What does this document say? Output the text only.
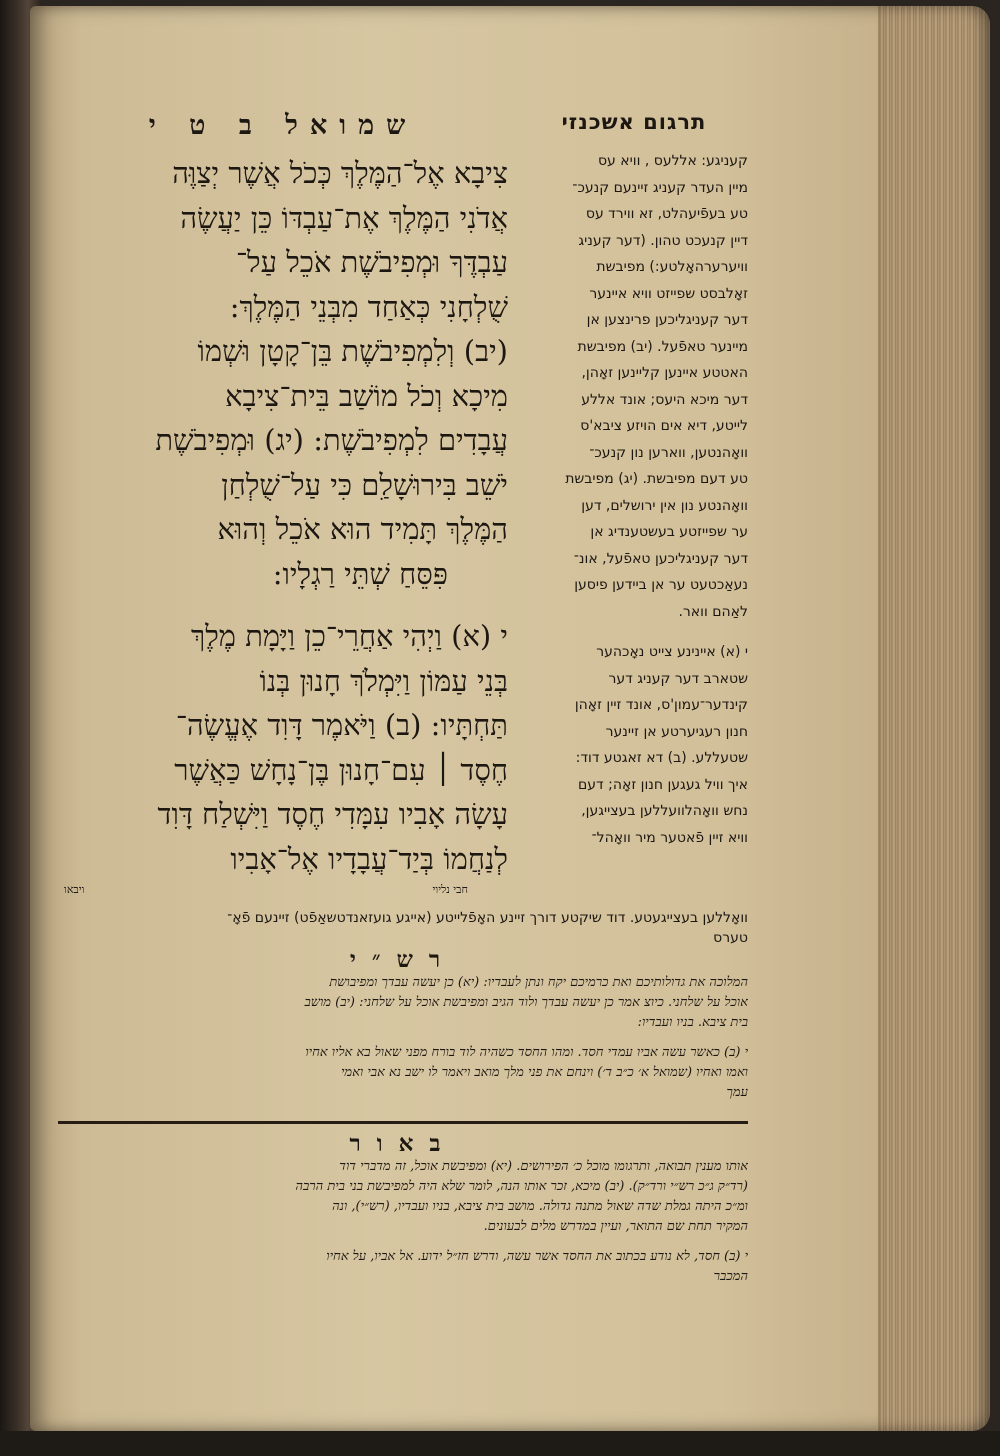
תרגום אשכנזי
קעניגע: אללעס , וויא עס
מיין העדר קעניג זיינעם קנעכ־
טע בעפֿיעהלט, זא ווירד עס
דיין קנעכט טהון. (דער קעניג
וויערערהאָלטע:) מפיבשת
זאָלבסט שפייזט וויא איינער
דער קעניגליכען פרינצען אן
מיינער טאפֿעל. (יב) מפיבשת
האטטע איינען קליינען זאָהן,
דער מיכא היעס; אונד אללע
לייטע, דיא אים הויזע ציבא'ס
וואָהנטען, ווארען נון קנעכ־
טע דעם מפיבשת. (יג) מפיבשת
וואָהנטע נון אין ירושלים, דען
ער שפייזטע בעשטענדיג אן
דער קעניגליכען טאפֿעל, אונ־
נעאַכטעט ער אן ביידען פיסען
לאַהם וואר.
י (א) איינינע צייט נאָכהער
שטארב דער קעניג דער
קינדער־עמון'ס, אונד זיין זאָהן
חנון רעגיערטע אן זיינער
שטעללע. (ב) דא זאגטע דוד:
איך וויל געגען חנון זאָה; דעם
נחש וואָהלוועללען בעצייגען,
וויא זיין פֿאטער מיר וואָהל־
שמואל ב ט י
צִיבָא אֶל־הַמֶּלֶךְ כְּכֹל אֲשֶׁר יְצַוֶּה
אֲדֹנִי הַמֶּלֶךְ אֶת־עַבְדּוֹ כֵּן יַעֲשֶׂה
עַבְדֶּךָ וּמְפִיבֹשֶׁת אֹכֵל עַל־
שֻׁלְחָנִי כְּאַחַד מִבְּנֵי הַמֶּלֶךְ:
(יב) וְלִמְפִיבֹשֶׁת בֵּן־קָטָן וּשְׁמוֹ
מִיכָא וְכֹל מוֹשַׁב בֵּית־צִיבָא
עֲבָדִים לִמְפִיבֹשֶׁת: (יג) וּמְפִיבֹשֶׁת
יֹשֵׁב בִּירוּשָׁלִַם כִּי עַל־שֻׁלְחַן
הַמֶּלֶךְ תָּמִיד הוּא אֹכֵל וְהוּא
פִּסֵּחַ שְׁתֵּי רַגְלָיו:
י (א) וַיְהִי אַחֲרֵי־כֵן וַיָּמָת מֶלֶךְ
בְּנֵי עַמּוֹן וַיִּמְלֹךְ חָנוּן בְּנוֹ
תַּחְתָּיו: (ב) וַיֹּאמֶר דָּוִד אֶעֱשֶׂה־
חֶסֶד ׀ עִם־חָנוּן בֶּן־נָחָשׁ כַּאֲשֶׁר
עָשָׂה אָבִיו עִמָּדִי חֶסֶד וַיִּשְׁלַח דָּוִד
לְנַחֲמוֹ בְּיַד־עֲבָדָיו אֶל־אָבִיו
חבי נליוי
ויבאו
וואָללען בעצייגעטע. דוד שיקטע דורך זיינע האָפֿלייטע (אייגע גועזאנדטשאַפֿט) זיינעם פֿאָ־
טערס
רש״י
המלוכה את גדולותיכם ואת כרמיכם יקח ונתן לעבדיו: (יא) כן יעשה עבדך ומפיבושת
אוכל על שלחני. כיוצ אמר כן יעשה עבדך ולוד הגיב ומפיבשת אוכל על שלחני: (יב) מושב
בית ציבא. בניו ועבדיו:
י (ב) כאשר עשה אביו עמדי חסד. ומהו החסד כשהיה לוד בורח מפני שאול בא אליו אחיו
ואמו ואחיו (שמואל א׳ כ״ב ד׳) וינחם את פני מלך מואב ויאמר לו ישב נא אבי ואמי
עמך
באור
אותו מענין תבואה, ותרגומו מוכל כ׳ הפירושים. (יא) ומפיבשת אוכל, זה מדברי דוד
(רד״ק ג״כ רש״י ורד״ק). (יב) מיכא, זכר אותו הנה, לומר שלא היה למפיבשת בני בית הרבה
ומ״כ היתה גמלת שדה שאול מתנה גדולה. מושב בית ציבא, בניו ועבדיו, (רש״י), ונה
המקיר תחת שם התואר, ועיין במדרש מלים לבעונים.
י (ב) חסד, לא נודע בכתוב את החסד אשר עשה, ודרש חז״ל ידוע. אל אביו, על אחיו
המכבר
